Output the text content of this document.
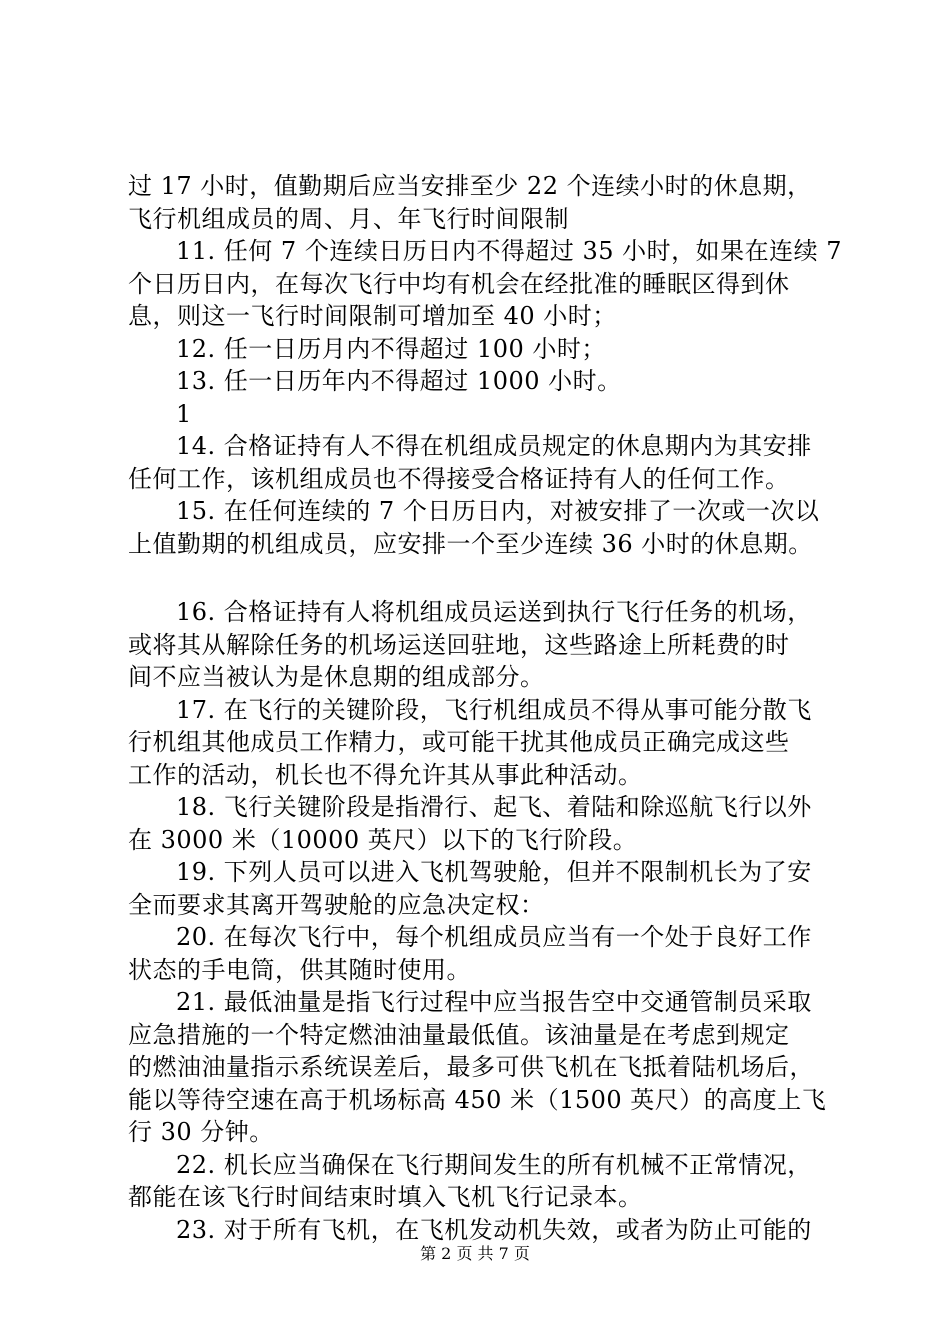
过 17 小时，值勤期后应当安排至少 22 个连续小时的休息期，
飞行机组成员的周、月、年飞行时间限制
11. 任何 7 个连续日历日内不得超过 35 小时，如果在连续 7
个日历日内，在每次飞行中均有机会在经批准的睡眠区得到休
息，则这一飞行时间限制可增加至 40 小时；
12. 任一日历月内不得超过 100 小时；
13. 任一日历年内不得超过 1000 小时。
1
14. 合格证持有人不得在机组成员规定的休息期内为其安排
任何工作，该机组成员也不得接受合格证持有人的任何工作。
15. 在任何连续的 7 个日历日内，对被安排了一次或一次以
上值勤期的机组成员，应安排一个至少连续 36 小时的休息期。
16. 合格证持有人将机组成员运送到执行飞行任务的机场，
或将其从解除任务的机场运送回驻地，这些路途上所耗费的时
间不应当被认为是休息期的组成部分。
17. 在飞行的关键阶段，飞行机组成员不得从事可能分散飞
行机组其他成员工作精力，或可能干扰其他成员正确完成这些
工作的活动，机长也不得允许其从事此种活动。
18. 飞行关键阶段是指滑行、起飞、着陆和除巡航飞行以外
在 3000 米（10000 英尺）以下的飞行阶段。
19. 下列人员可以进入飞机驾驶舱，但并不限制机长为了安
全而要求其离开驾驶舱的应急决定权：
20. 在每次飞行中，每个机组成员应当有一个处于良好工作
状态的手电筒，供其随时使用。
21. 最低油量是指飞行过程中应当报告空中交通管制员采取
应急措施的一个特定燃油油量最低值。该油量是在考虑到规定
的燃油油量指示系统误差后，最多可供飞机在飞抵着陆机场后，
能以等待空速在高于机场标高 450 米（1500 英尺）的高度上飞
行 30 分钟。
22. 机长应当确保在飞行期间发生的所有机械不正常情况，
都能在该飞行时间结束时填入飞机飞行记录本。
23. 对于所有飞机，在飞机发动机失效，或者为防止可能的
第 2 页 共 7 页
